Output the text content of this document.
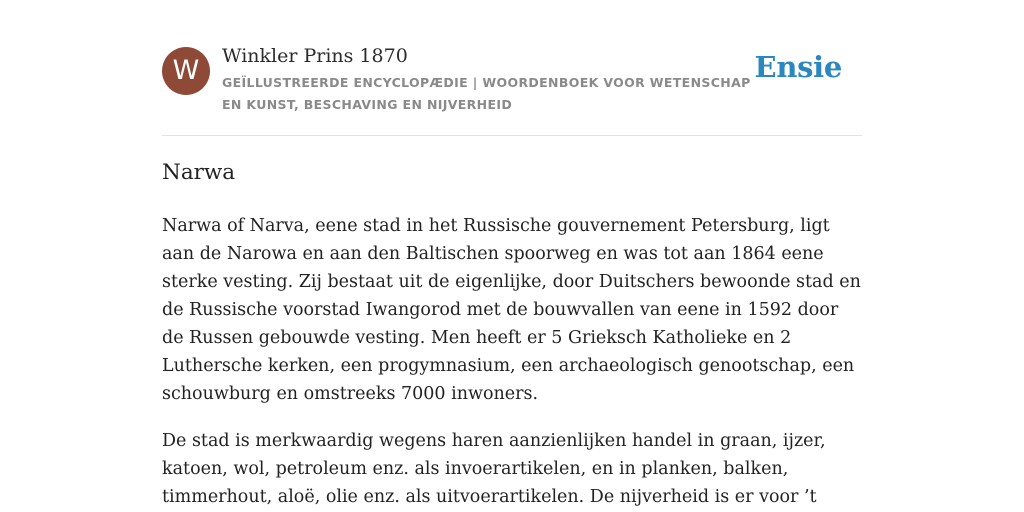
W	Winkler Prins 1870
GEÏLLUSTREERDE ENCYCLOPÆDIE | WOORDENBOEK VOOR WETENSCHAP EN KUNST, BESCHAVING EN NIJVERHEID
Ensie
Narwa

Narwa of Narva, eene stad in het Russische gouvernement Petersburg, ligt aan de Narowa en aan den Baltischen spoorweg en was tot aan 1864 eene sterke vesting. Zij bestaat uit de eigenlijke, door Duitschers bewoonde stad en de Russische voorstad Iwangorod met de bouwvallen van eene in 1592 door de Russen gebouwde vesting. Men heeft er 5 Grieksch Katholieke en 2 Luthersche kerken, een progymnasium, een archaeologisch genootschap, een schouwburg en omstreeks 7000 inwoners.

De stad is merkwaardig wegens haren aanzienlijken handel in graan, ijzer, katoen, wol, petroleum enz. als invoerartikelen, en in planken, balken, timmerhout, aloë, olie enz. als uitvoerartikelen. De nijverheid is er voor ’t
